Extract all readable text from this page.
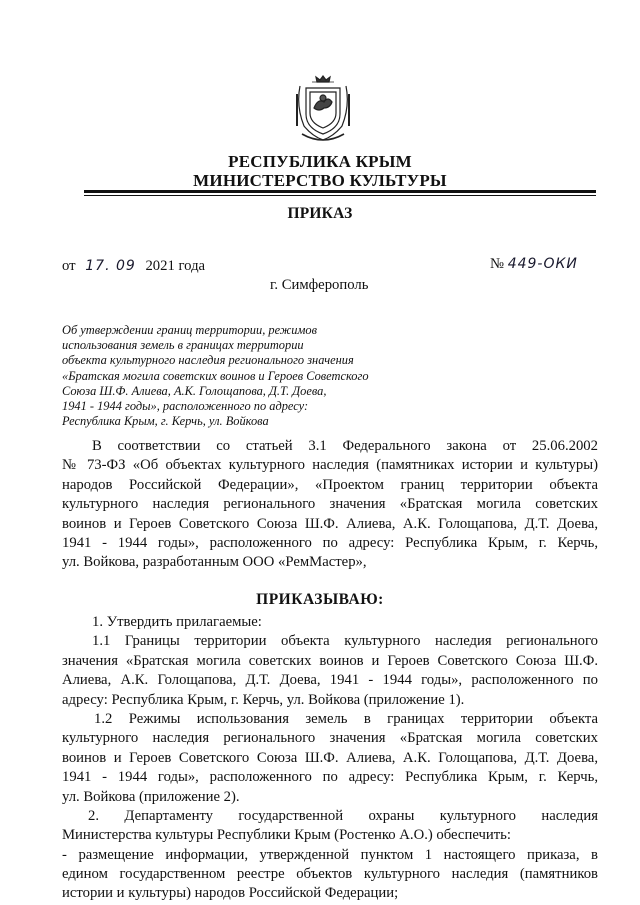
РЕСПУБЛИКА КРЫМ
МИНИСТЕРСТВО КУЛЬТУРЫ
ПРИКАЗ
от 17. 09 2021 года	№ 449-ОКИ
г. Симферополь
Об утверждении границ территории, режимов
использования земель в границах территории
объекта культурного наследия регионального значения
«Братская могила советских воинов и Героев Советского
Союза Ш.Ф. Алиева, А.К. Голощапова, Д.Т. Доева,
1941 - 1944 годы», расположенного по адресу:
Республика Крым, г. Керчь, ул. Войкова
В соответствии со статьей 3.1 Федерального закона от 25.06.2002
№ 73-ФЗ «Об объектах культурного наследия (памятниках истории и культуры)
народов Российской Федерации», «Проектом границ территории объекта
культурного наследия регионального значения «Братская могила советских
воинов и Героев Советского Союза Ш.Ф. Алиева, А.К. Голощапова, Д.Т. Доева,
1941 - 1944 годы», расположенного по адресу: Республика Крым, г. Керчь,
ул. Войкова, разработанным ООО «РемМастер»,
ПРИКАЗЫВАЮ:
1. Утвердить прилагаемые:
1.1 Границы территории объекта культурного наследия регионального
значения «Братская могила советских воинов и Героев Советского Союза Ш.Ф.
Алиева, А.К. Голощапова, Д.Т. Доева, 1941 - 1944 годы», расположенного по
адресу: Республика Крым, г. Керчь, ул. Войкова (приложение 1).
1.2 Режимы использования земель в границах территории объекта
культурного наследия регионального значения «Братская могила советских
воинов и Героев Советского Союза Ш.Ф. Алиева, А.К. Голощапова, Д.Т. Доева,
1941 - 1944 годы», расположенного по адресу: Республика Крым, г. Керчь,
ул. Войкова (приложение 2).
2. Департаменту государственной охраны культурного наследия
Министерства культуры Республики Крым (Ростенко А.О.) обеспечить:
- размещение информации, утвержденной пунктом 1 настоящего приказа, в
едином государственном реестре объектов культурного наследия (памятников
истории и культуры) народов Российской Федерации;
